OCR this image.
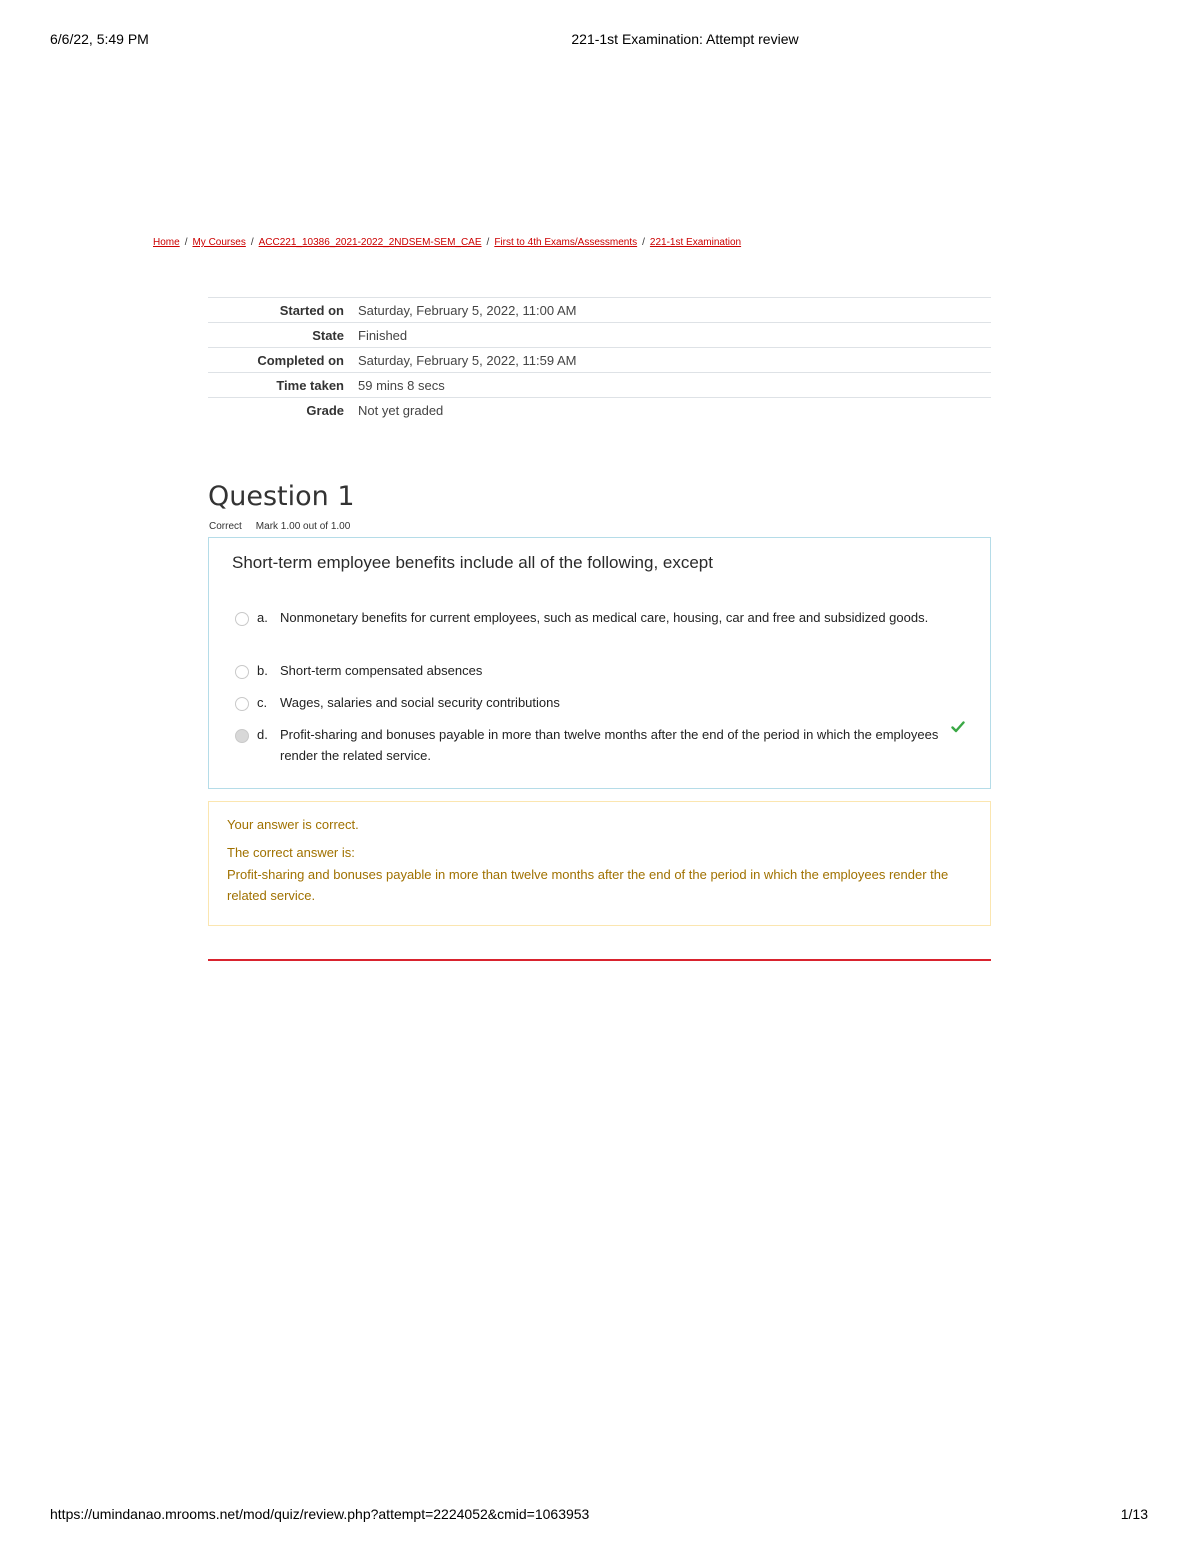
6/6/22, 5:49 PM	221-1st Examination: Attempt review
Home / My Courses / ACC221_10386_2021-2022_2NDSEM-SEM_CAE / First to 4th Exams/Assessments / 221-1st Examination
Started on	Saturday, February 5, 2022, 11:00 AM
State	Finished
Completed on	Saturday, February 5, 2022, 11:59 AM
Time taken	59 mins 8 secs
Grade	Not yet graded
Question 1
Correct Mark 1.00 out of 1.00
Short-term employee benefits include all of the following, except
a. Nonmonetary benefits for current employees, such as medical care, housing, car and free and subsidized goods.
b. Short-term compensated absences
c. Wages, salaries and social security contributions
d. Profit-sharing and bonuses payable in more than twelve months after the end of the period in which the employees render the related service.
Your answer is correct.
The correct answer is:
Profit-sharing and bonuses payable in more than twelve months after the end of the period in which the employees render the related service.
https://umindanao.mrooms.net/mod/quiz/review.php?attempt=2224052&cmid=1063953	1/13
